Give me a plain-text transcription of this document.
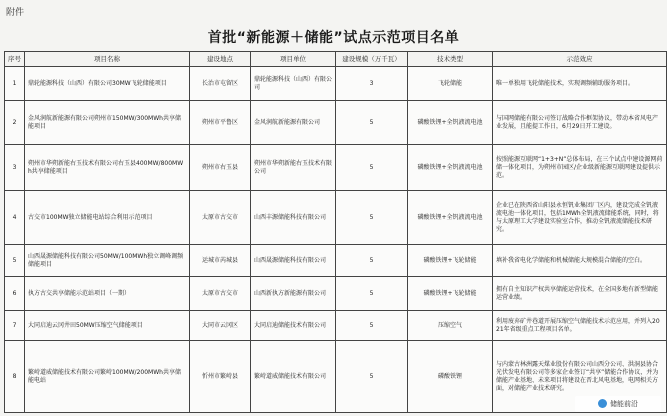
附件
首批“新能源＋储能”试点示范项目名单
序号	项目名称	建设地点	项目单位	建设规模（万千瓦）	技术类型	示范效应
1	鼎轮能源科技（山西）有限公司30MW飞轮储能项目	长治市屯留区	鼎轮能源科技（山西）有限公司	3	飞轮储能	唯一单独用飞轮储能技术，实现调频辅助服务项目。
2	金风润航新能源有限公司朔州市150MW/300MWh共享储能项目	朔州市平鲁区	金风润航新能源有限公司	5	磷酸铁锂+全钒液流电池	与国网储能有限公司签订战略合作框架协议，带动本省风电产业发展，且能提工作日，6月29日开工建设。
3	朔州市华朔新能右玉技术有限公司右玉县400MW/800MWh共享储能项目	朔州市右玉县	朔州市华朔新能右玉技术有限公司	5	磷酸铁锂+全钒液流电池	按照能源互联网“1+3+N”总体布局，在三个试点中建设源网荷储一体化项目，为朔州市园区/企业级新能源互联网建设提供示范。
4	古交市100MW独立储能电站综合利用示范项目	太原市古交市	山西丰源储能科技有限公司	5	磷酸铁锂+全钒液流电池	企业已在陕西省山阳县永恒钒业集团厂区内，建设完成全钒液流电池一体化项目，包括1MWh全钒液流储能系统，同时，将与太原理工大学建设实验室合作，推动全钒液流储能技术研究。
5	山西晟源储能科技有限公司50MW/100MWh独立调峰调频储能项目	运城市芮城县	山西晟源储能科技有限公司	5	磷酸铁锂+飞轮储能	填补我省电化学储能和机械储能大规模混合储能的空白。
6	执方古交共享储能示范站项目（一期）	太原市古交市	山西新执方新能源有限公司	5	磷酸铁锂+飞轮储能	拥有自主知识产权共享储能运营技术，在全国多地有新型储能运营业绩。
7	大同启迪云冈井田50MW压缩空气储能项目	大同市云冈区	大同启迪储能技术有限公司	5	压缩空气	利用废弃矿井巷道开展压缩空气储能技术示范应用，并列入2021年省级重点工程项目名单。
8	繁峙道威储能技术有限公司繁峙100MW/200MWh共享储能电站	忻州市繁峙县	繁峙道威储能技术有限公司	5	磷酸铁锂	与内蒙古林洲露天煤业股份有限公司山西分公司、洪洞县协合光伏发电有限公司等多家企业签订“共享”储能合作协议，并为储能产业基地、未来项目将建设在晋北风电基地，电网相关方面，对储能产业技术研究。
储能前沿
